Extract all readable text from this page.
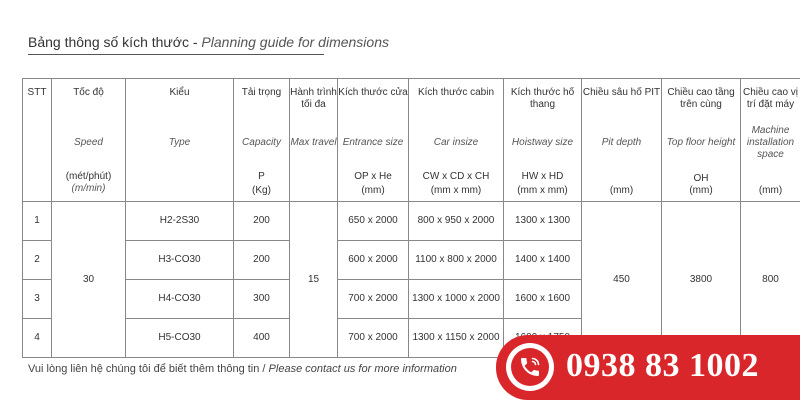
Bảng thông số kích thước - Planning guide for dimensions
STT	Tốc độ
Speed
(mét/phút)
(m/min)	Kiểu
Type	Tải trọng
Capacity
P
(Kg)	Hành trình tối đa
Max travel	Kích thước cửa
Entrance size
OP x He
(mm)	Kích thước cabin
Car insize
CW x CD x CH
(mm x mm)	Kích thước hố thang
Hoistway size
HW x HD
(mm x mm)	Chiều sâu hố PIT
Pit depth
(mm)	Chiều cao tầng trên cùng
Top floor height
OH
(mm)	Chiều cao vị trí đặt máy
Machine installation space
(mm)

1	30	H2-2S30	200	15	650 x 2000	800 x 950 x 2000	1300 x 1300	450	3800	800
2		H3-CO30	200		600 x 2000	1100 x 800 x 2000	1400 x 1400			
3		H4-CO30	300		700 x 2000	1300 x 1000 x 2000	1600 x 1600			
4		H5-CO30	400		700 x 2000	1300 x 1150 x 2000	
Vui lòng liên hệ chúng tôi để biết thêm thông tin / Please contact us for more information	0938 83 1002
